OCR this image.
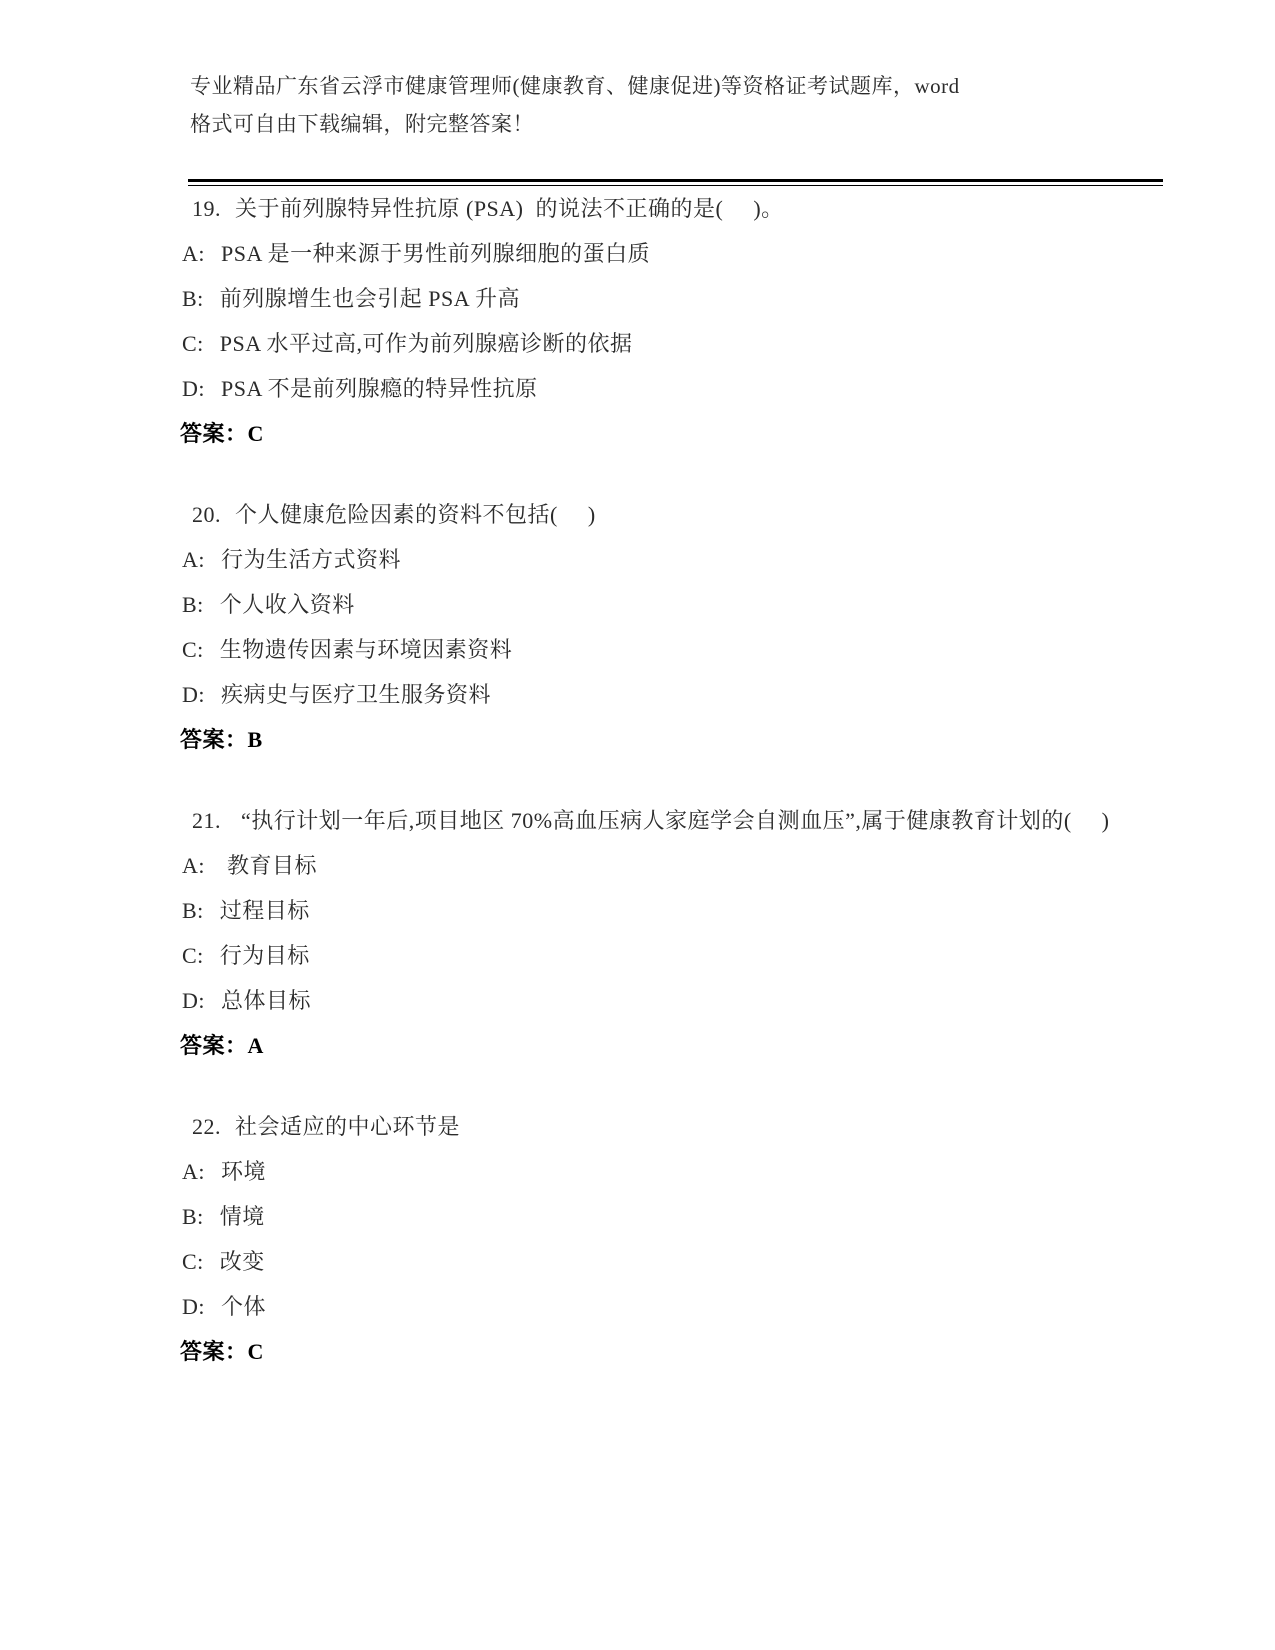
专业精品广东省云浮市健康管理师(健康教育、健康促进)等资格证考试题库，word

格式可自由下载编辑，附完整答案！

19. 关于前列腺特异性抗原 (PSA)  的说法不正确的是(     )。

A: PSA 是一种来源于男性前列腺细胞的蛋白质

B: 前列腺增生也会引起 PSA 升高

C: PSA 水平过高,可作为前列腺癌诊断的依据

D: PSA 不是前列腺瘾的特异性抗原

答案：C

20. 个人健康危险因素的资料不包括(     )

A: 行为生活方式资料

B: 个人收入资料

C: 生物遗传因素与环境因素资料

D: 疾病史与医疗卫生服务资料

答案：B

21. “执行计划一年后,项目地区 70%高血压病人家庭学会自测血压”,属于健康教育计划的(     )

A: 教育目标

B: 过程目标

C: 行为目标

D: 总体目标

答案：A

22. 社会适应的中心环节是

A: 环境

B: 情境

C: 改变

D: 个体

答案：C
